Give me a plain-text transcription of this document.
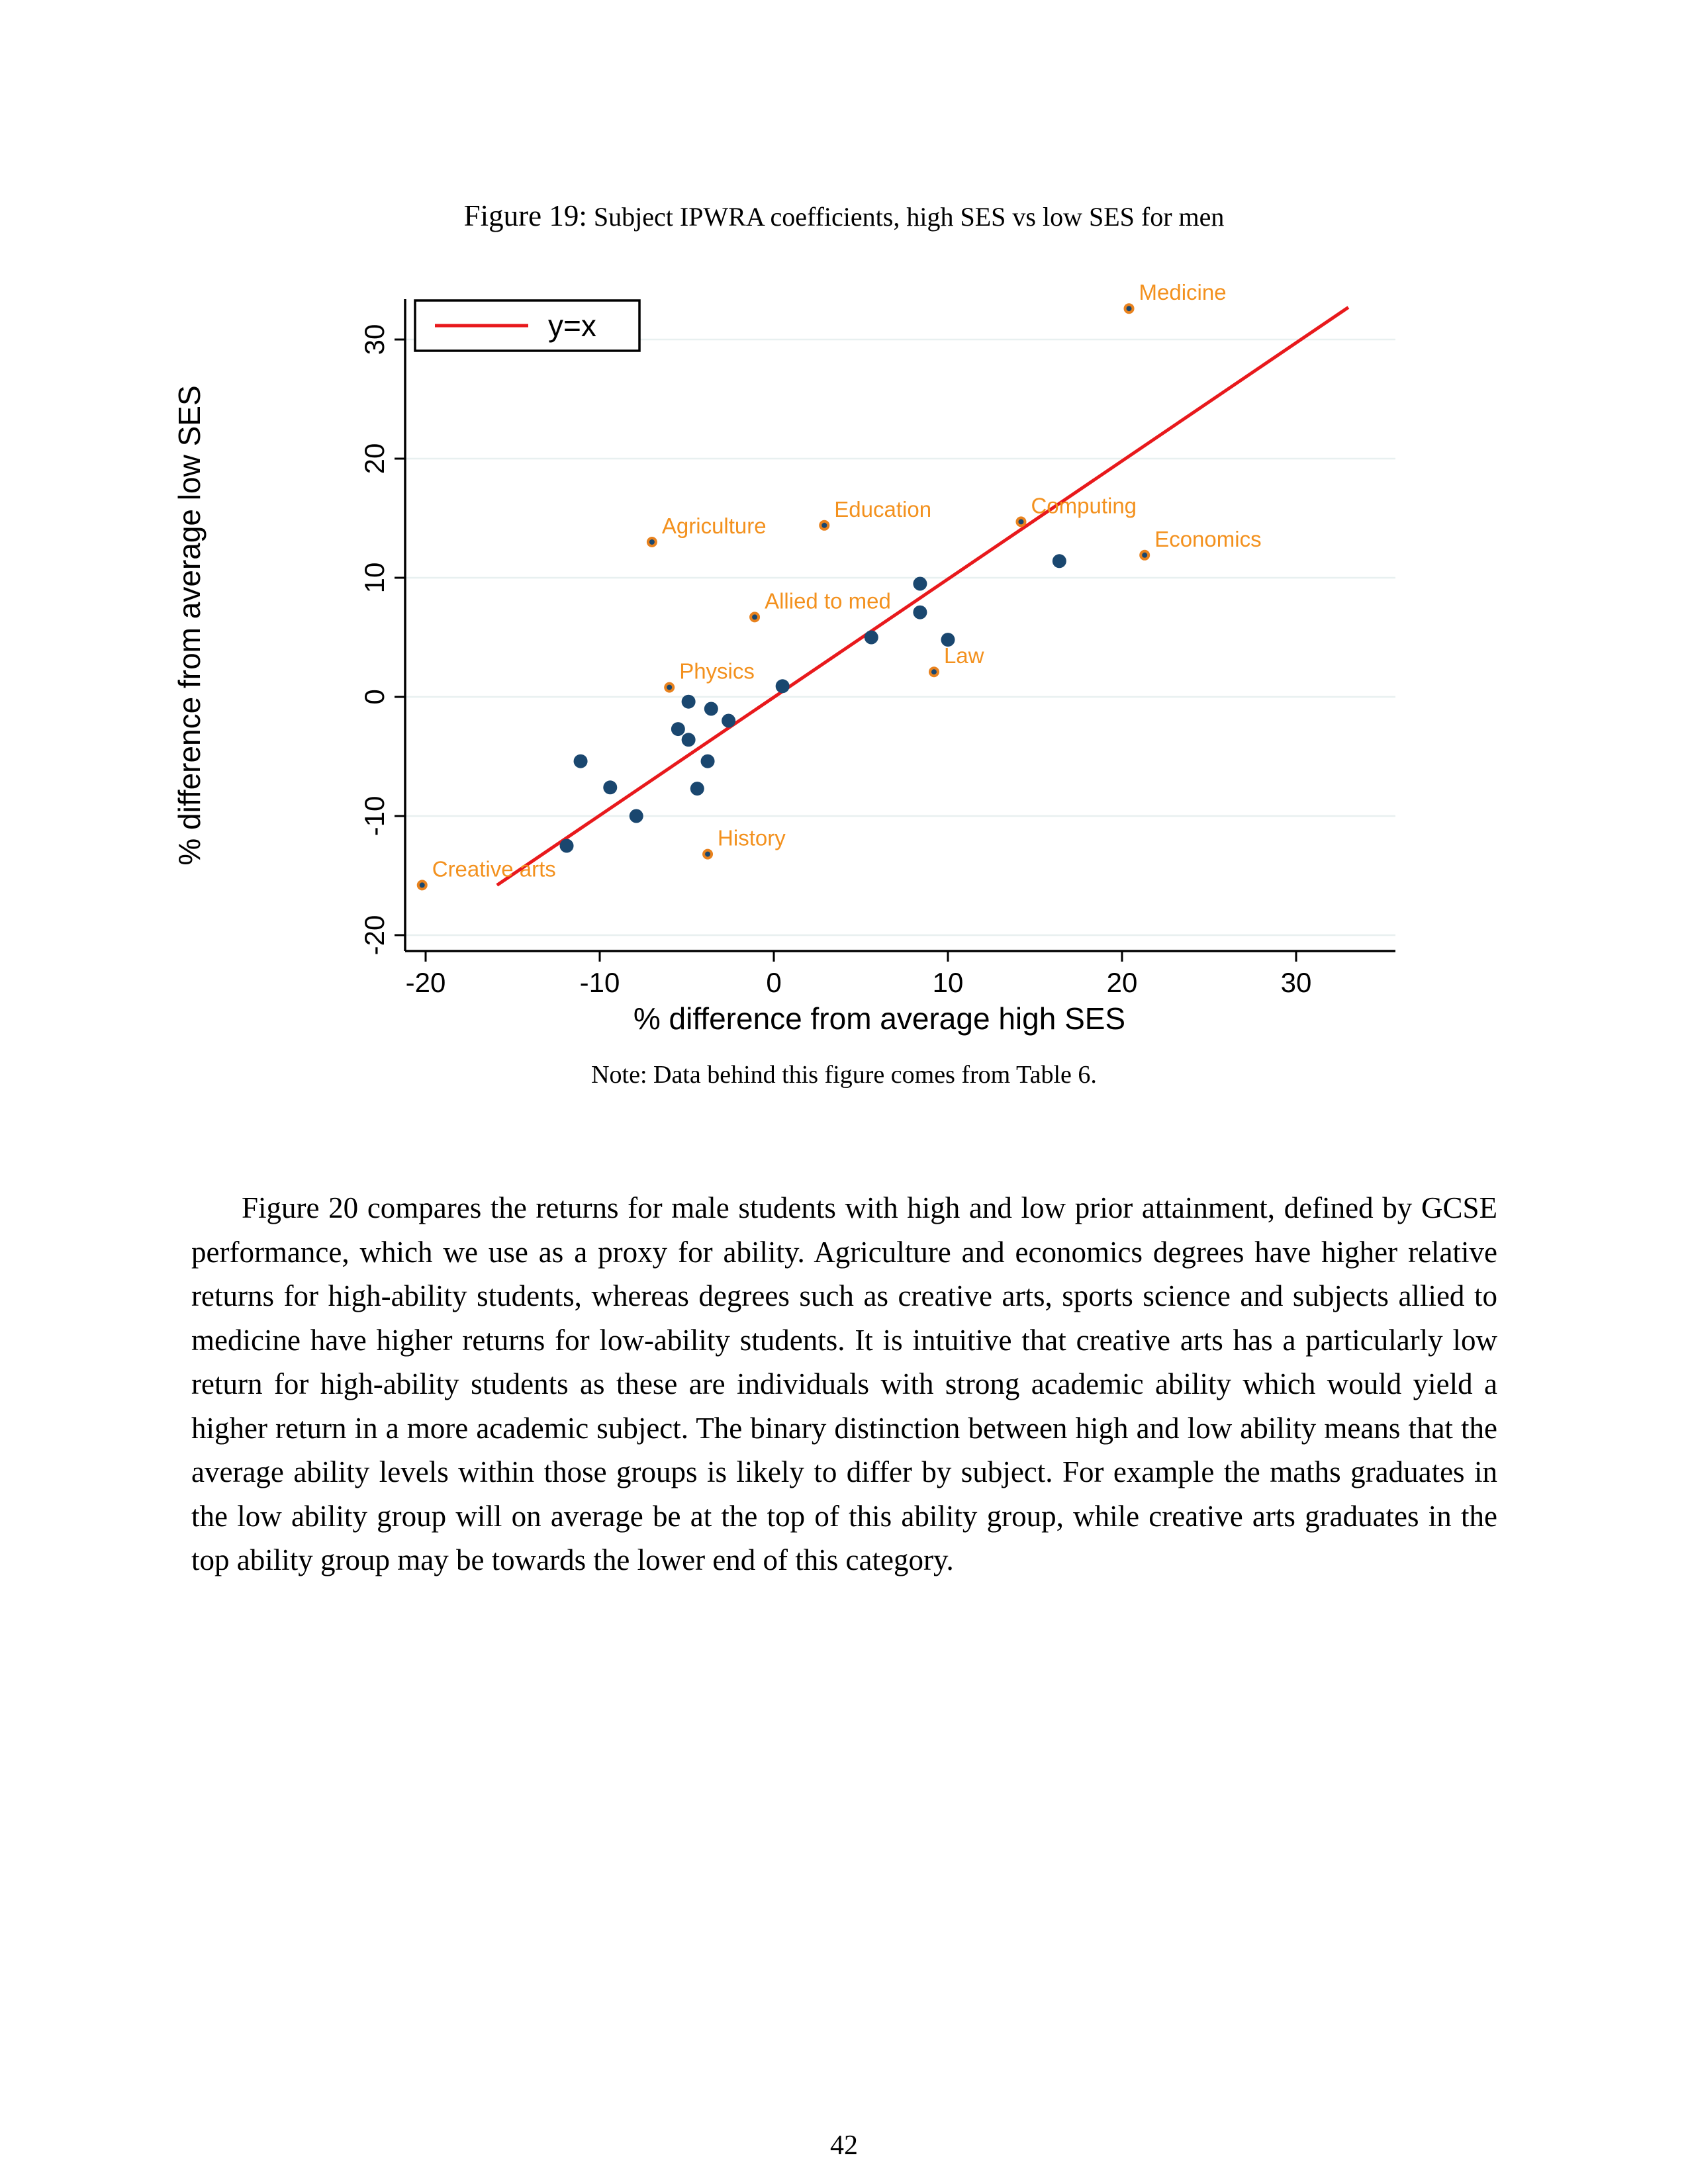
Figure 19: Subject IPWRA coefficients, high SES vs low SES for men
-20	-10	0	10	20	30
-20
-10
0
10
20
30
% difference from average high SES
% difference from average low SES
y=x
Medicine
Computing
Education
Agriculture
Economics
Allied to med
Law
Physics
History
Creative arts
Note: Data behind this figure comes from Table 6.
Figure 20 compares the returns for male students with high and low prior attainment, defined by GCSE performance, which we use as a proxy for ability. Agriculture and economics degrees have higher relative returns for high-ability students, whereas degrees such as creative arts, sports science and subjects allied to medicine have higher returns for low-ability students. It is intuitive that creative arts has a particularly low return for high-ability students as these are individuals with strong academic ability which would yield a higher return in a more academic subject. The binary distinction between high and low ability means that the average ability levels within those groups is likely to differ by subject. For example the maths graduates in the low ability group will on average be at the top of this ability group, while creative arts graduates in the top ability group may be towards the lower end of this category.
42
